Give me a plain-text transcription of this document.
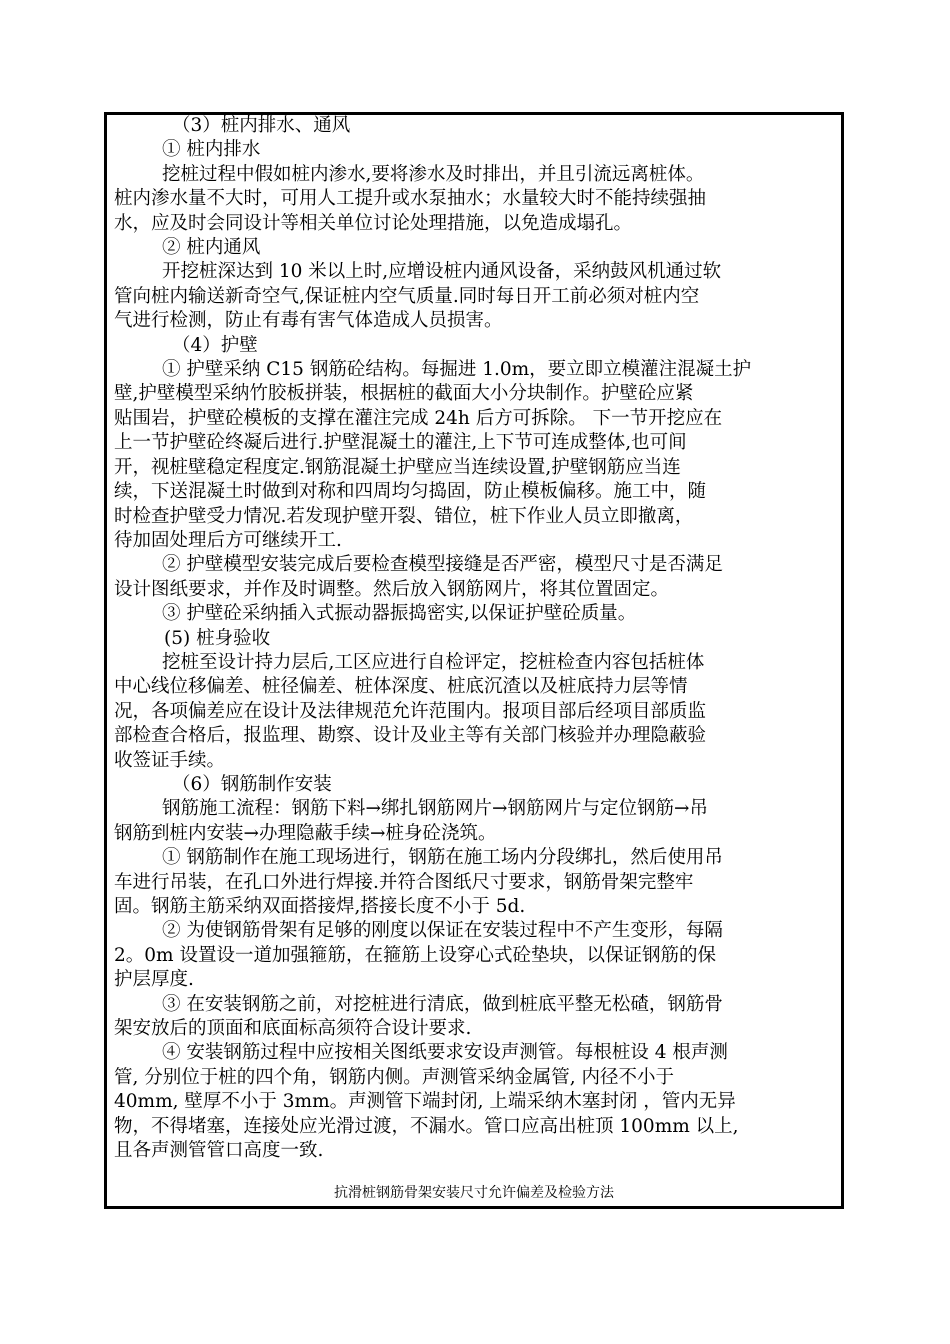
（3）桩内排水、通风
① 桩内排水
挖桩过程中假如桩内渗水,要将渗水及时排出，并且引流远离桩体。
桩内渗水量不大时，可用人工提升或水泵抽水；水量较大时不能持续强抽
水，应及时会同设计等相关单位讨论处理措施，以免造成塌孔。
② 桩内通风
开挖桩深达到 10 米以上时,应增设桩内通风设备，采纳鼓风机通过软
管向桩内输送新奇空气,保证桩内空气质量.同时每日开工前必须对桩内空
气进行检测，防止有毒有害气体造成人员损害。
（4）护壁
① 护壁采纳 C15 钢筋砼结构。每掘进 1.0m，要立即立模灌注混凝土护
壁,护壁模型采纳竹胶板拼装，根据桩的截面大小分块制作。护壁砼应紧
贴围岩，护壁砼模板的支撑在灌注完成 24h 后方可拆除。 下一节开挖应在
上一节护壁砼终凝后进行.护壁混凝土的灌注,上下节可连成整体,也可间
开，视桩壁稳定程度定.钢筋混凝土护壁应当连续设置,护壁钢筋应当连
续，下送混凝土时做到对称和四周均匀捣固，防止模板偏移。施工中，随
时检查护壁受力情况.若发现护壁开裂、错位，桩下作业人员立即撤离，
待加固处理后方可继续开工.
② 护壁模型安装完成后要检查模型接缝是否严密，模型尺寸是否满足
设计图纸要求，并作及时调整。然后放入钢筋网片，将其位置固定。
③ 护壁砼采纳插入式振动器振捣密实,以保证护壁砼质量。
(5) 桩身验收
挖桩至设计持力层后,工区应进行自检评定，挖桩检查内容包括桩体
中心线位移偏差、桩径偏差、桩体深度、桩底沉渣以及桩底持力层等情
况，各项偏差应在设计及法律规范允许范围内。报项目部后经项目部质监
部检查合格后，报监理、勘察、设计及业主等有关部门核验并办理隐蔽验
收签证手续。
（6）钢筋制作安装
钢筋施工流程：钢筋下料→绑扎钢筋网片→钢筋网片与定位钢筋→吊
钢筋到桩内安装→办理隐蔽手续→桩身砼浇筑。
① 钢筋制作在施工现场进行，钢筋在施工场内分段绑扎，然后使用吊
车进行吊装，在孔口外进行焊接.并符合图纸尺寸要求，钢筋骨架完整牢
固。钢筋主筋采纳双面搭接焊,搭接长度不小于 5d.
② 为使钢筋骨架有足够的刚度以保证在安装过程中不产生变形，每隔
2。0m 设置设一道加强箍筋，在箍筋上设穿心式砼垫块，以保证钢筋的保
护层厚度.
③ 在安装钢筋之前，对挖桩进行清底，做到桩底平整无松碴，钢筋骨
架安放后的顶面和底面标高须符合设计要求.
④ 安装钢筋过程中应按相关图纸要求安设声测管。每根桩设 4 根声测
管, 分别位于桩的四个角，钢筋内侧。声测管采纳金属管, 内径不小于
40mm, 壁厚不小于 3mm。声测管下端封闭, 上端采纳木塞封闭 ，管内无异
物，不得堵塞，连接处应光滑过渡，不漏水。管口应高出桩顶 100mm 以上,
且各声测管管口高度一致.
抗滑桩钢筋骨架安装尺寸允许偏差及检验方法
